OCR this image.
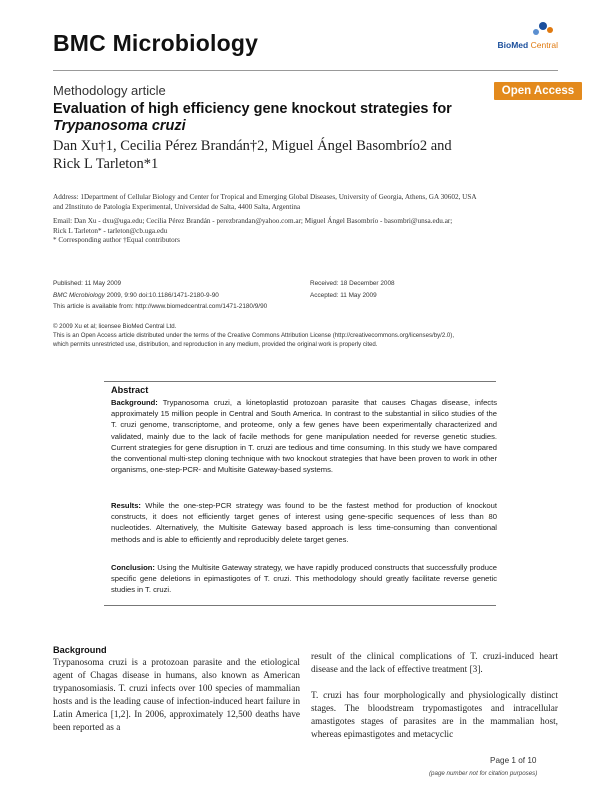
BMC Microbiology	BioMed Central
Methodology article	Open Access
Evaluation of high efficiency gene knockout strategies for
Trypanosoma cruzi
Dan Xu†1, Cecilia Pérez Brandán†2, Miguel Ángel Basombrío2 and
Rick L Tarleton*1
Address: 1Department of Cellular Biology and Center for Tropical and Emerging Global Diseases, University of Georgia, Athens, GA 30602, USA
and 2Instituto de Patología Experimental, Universidad de Salta, 4400 Salta, Argentina
Email: Dan Xu - dxu@uga.edu; Cecilia Pérez Brandán - perezbrandan@yahoo.com.ar; Miguel Ángel Basombrío - basombri@unsa.edu.ar;
Rick L Tarleton* - tarleton@cb.uga.edu
* Corresponding author †Equal contributors
Published: 11 May 2009
BMC Microbiology 2009, 9:90 doi:10.1186/1471-2180-9-90
This article is available from: http://www.biomedcentral.com/1471-2180/9/90
Received: 18 December 2008
Accepted: 11 May 2009
© 2009 Xu et al; licensee BioMed Central Ltd.
This is an Open Access article distributed under the terms of the Creative Commons Attribution License (http://creativecommons.org/licenses/by/2.0),
which permits unrestricted use, distribution, and reproduction in any medium, provided the original work is properly cited.
Abstract
Background: Trypanosoma cruzi, a kinetoplastid protozoan parasite that causes Chagas disease, infects approximately 15 million people in Central and South America. In contrast to the substantial in silico studies of the T. cruzi genome, transcriptome, and proteome, only a few genes have been experimentally characterized and validated, mainly due to the lack of facile methods for gene manipulation needed for reverse genetic studies. Current strategies for gene disruption in T. cruzi are tedious and time consuming. In this study we have compared the conventional multi-step cloning technique with two knockout strategies that have been proven to work in other organisms, one-step-PCR- and Multisite Gateway-based systems.
Results: While the one-step-PCR strategy was found to be the fastest method for production of knockout constructs, it does not efficiently target genes of interest using gene-specific sequences of less than 80 nucleotides. Alternatively, the Multisite Gateway based approach is less time-consuming than conventional methods and is able to efficiently and reproducibly delete target genes.
Conclusion: Using the Multisite Gateway strategy, we have rapidly produced constructs that successfully produce specific gene deletions in epimastigotes of T. cruzi. This methodology should greatly facilitate reverse genetic studies in T. cruzi.
Background
Trypanosoma cruzi is a protozoan parasite and the etiological agent of Chagas disease in humans, also known as American trypanosomiasis. T. cruzi infects over 100 species of mammalian hosts and is the leading cause of infection-induced heart failure in Latin America [1,2]. In 2006, approximately 12,500 deaths have been reported as a
result of the clinical complications of T. cruzi-induced heart disease and the lack of effective treatment [3].
T. cruzi has four morphologically and physiologically distinct stages. The bloodstream trypomastigotes and intracellular amastigotes stages of parasites are in the mammalian host, whereas epimastigotes and metacyclic
Page 1 of 10
(page number not for citation purposes)
